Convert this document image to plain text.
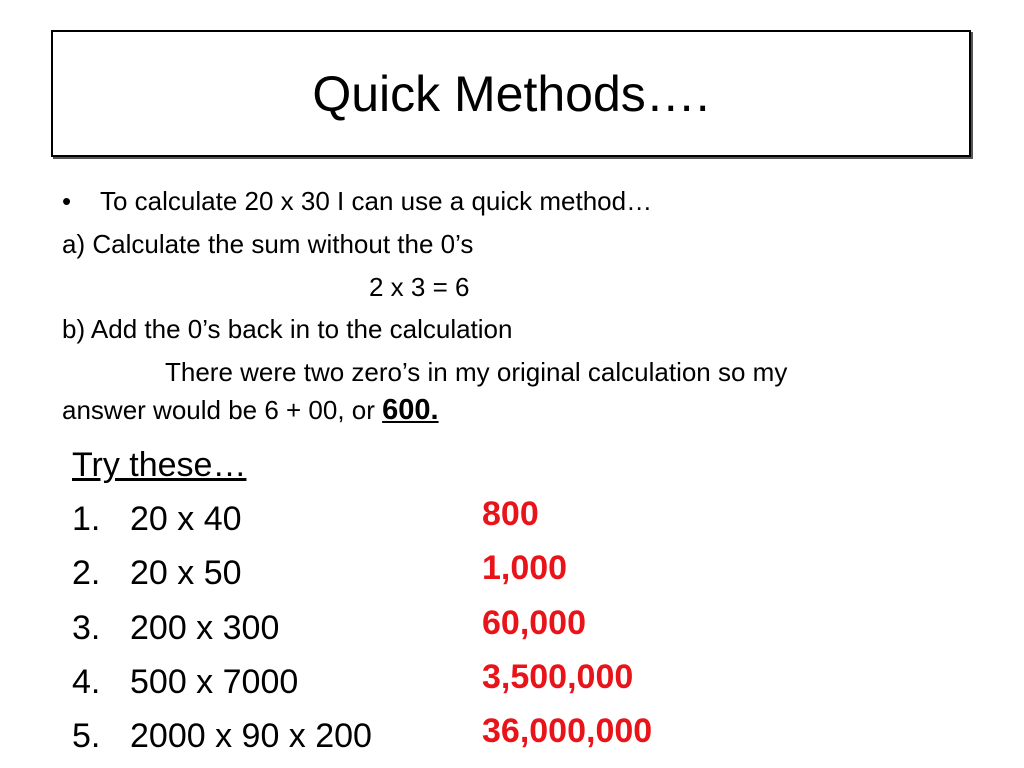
Quick Methods….
• To calculate 20 x 30 I can use a quick method…
a) Calculate the sum without the 0’s
2 x 3 = 6
b) Add the 0’s back in to the calculation
There were two zero’s in my original calculation so my
answer would be 6 + 00, or 600.
Try these…
1. 20 x 40	800
2. 20 x 50	1,000
3. 200 x 300	60,000
4. 500 x 7000	3,500,000
5. 2000 x 90 x 200	36,000,000
